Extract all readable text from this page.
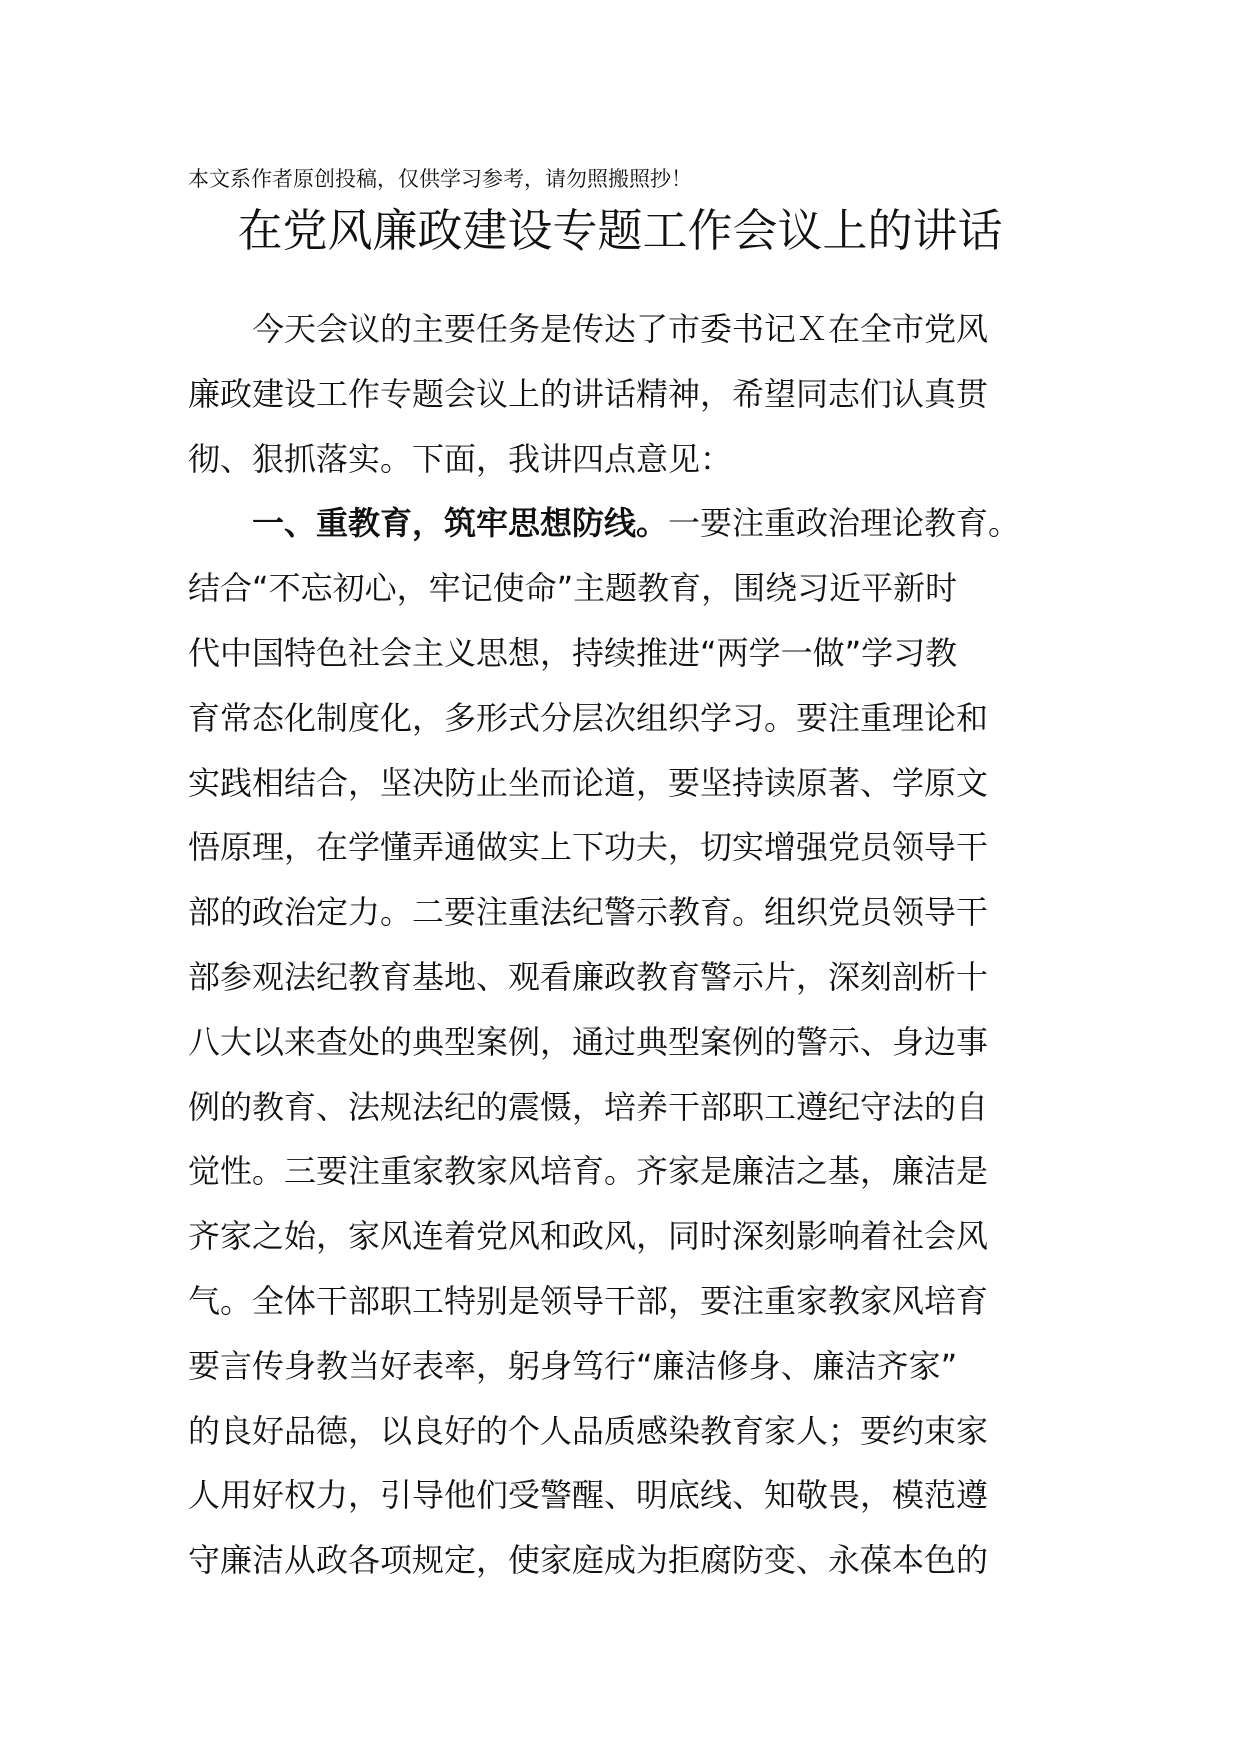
本文系作者原创投稿，仅供学习参考，请勿照搬照抄！
在党风廉政建设专题工作会议上的讲话
今天会议的主要任务是传达了市委书记Ｘ在全市党风
廉政建设工作专题会议上的讲话精神，希望同志们认真贯
彻、狠抓落实。下面，我讲四点意见：
一、重教育，筑牢思想防线。一要注重政治理论教育。
结合“不忘初心，牢记使命”主题教育，围绕习近平新时
代中国特色社会主义思想，持续推进“两学一做”学习教
育常态化制度化，多形式分层次组织学习。要注重理论和
实践相结合，坚决防止坐而论道，要坚持读原著、学原文
悟原理，在学懂弄通做实上下功夫，切实增强党员领导干
部的政治定力。二要注重法纪警示教育。组织党员领导干
部参观法纪教育基地、观看廉政教育警示片，深刻剖析十
八大以来查处的典型案例，通过典型案例的警示、身边事
例的教育、法规法纪的震慑，培养干部职工遵纪守法的自
觉性。三要注重家教家风培育。齐家是廉洁之基，廉洁是
齐家之始，家风连着党风和政风，同时深刻影响着社会风
气。全体干部职工特别是领导干部，要注重家教家风培育
要言传身教当好表率，躬身笃行“廉洁修身、廉洁齐家”
的良好品德，以良好的个人品质感染教育家人；要约束家
人用好权力，引导他们受警醒、明底线、知敬畏，模范遵
守廉洁从政各项规定，使家庭成为拒腐防变、永葆本色的
